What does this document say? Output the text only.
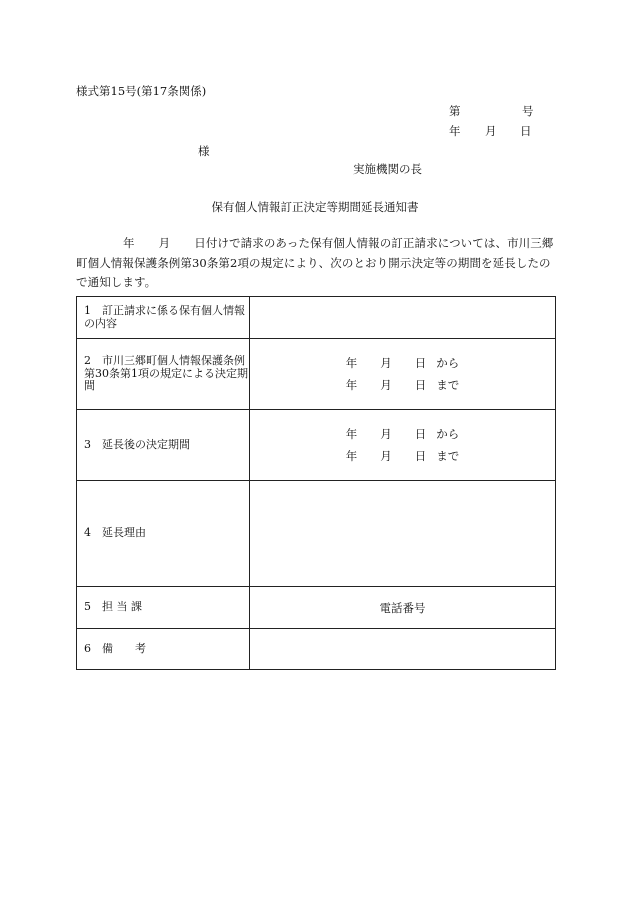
様式第15号(第17条関係)
第	号
年 月 日
様
実施機関の長
保有個人情報訂正決定等期間延長通知書
年 月 日付けで請求のあった保有個人情報の訂正請求については、市川三郷町個人情報保護条例第30条第2項の規定により、次のとおり開示決定等の期間を延長したので通知します。
1　訂正請求に係る保有個人情報の内容	
2　市川三郷町個人情報保護条例第30条第1項の規定による決定期間	年 月 日 から
年 月 日 まで

3　延長後の決定期間	年 月 日 から
年 月 日 まで

4　延長理由	
5　担 当 課	電話番号
6　備　　考	
